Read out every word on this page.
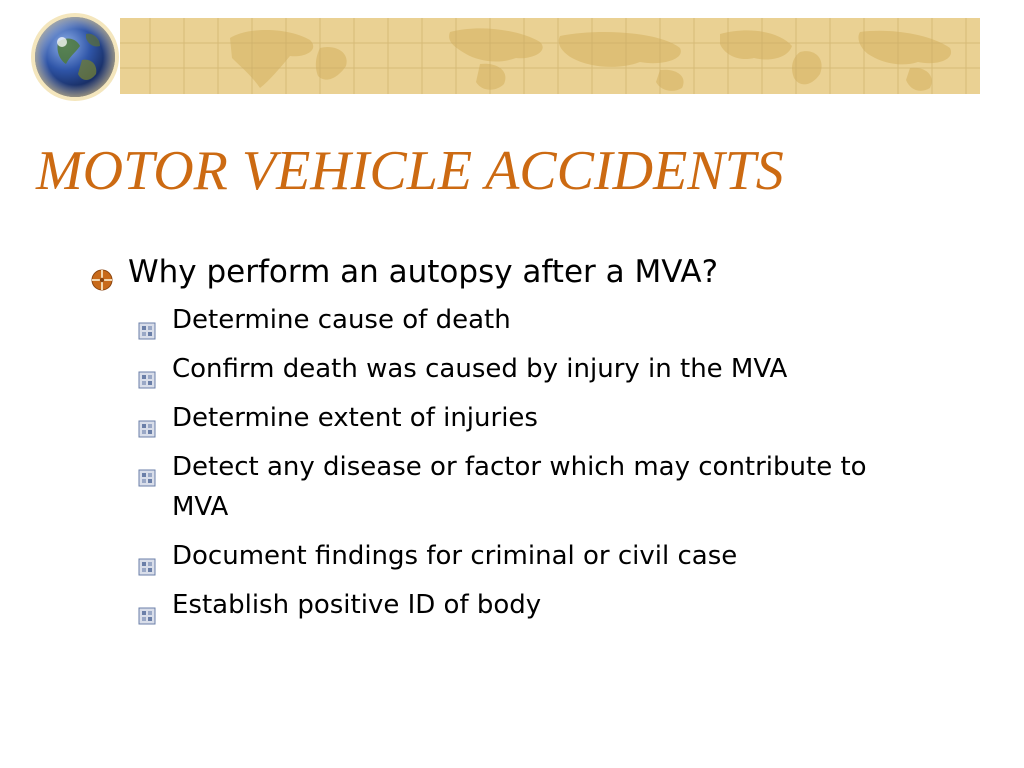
MOTOR VEHICLE ACCIDENTS
Why perform an autopsy after a MVA?
Determine cause of death
Confirm death was caused by injury in the MVA
Determine extent of injuries
Detect any disease or factor which may contribute to MVA
Document findings for criminal or civil case
Establish positive ID of body
